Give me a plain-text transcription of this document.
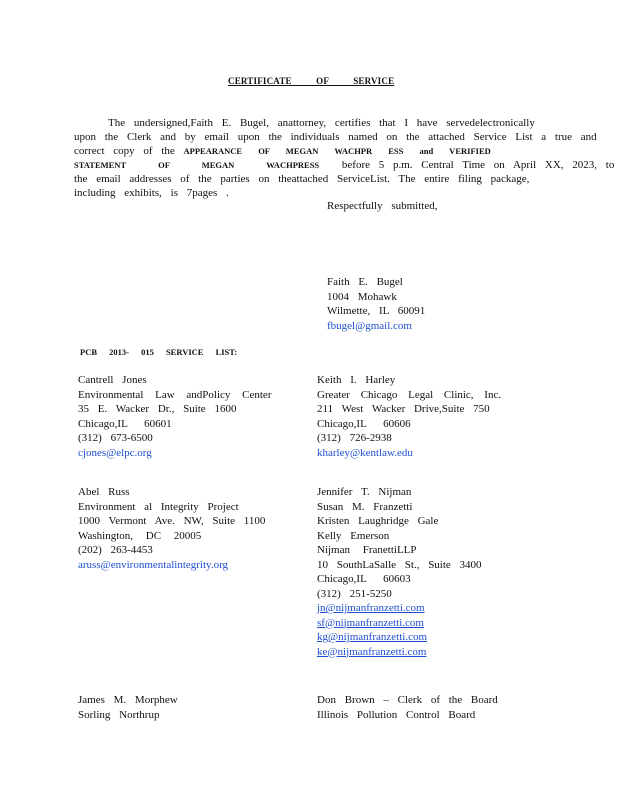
CERTIFICATE OF SERVICE
The undersigned,Faith E. Bugel, anattorney, certifies that I have servedelectronically
upon the Clerk and by email upon the individuals named on the attached Service List a true and
correct copy of the APPEARANCE OF MEGAN WACHPR ESS and VERIFIED
STATEMENT OF MEGAN WACHPRESS before 5 p.m. Central Time on April XX, 2023, to
the email addresses of the parties on theattached ServiceList. The entire filing package,
including exhibits, is 7pages .
Respectfully submitted,
Faith E. Bugel
1004 Mohawk
Wilmette, IL 60091
fbugel@gmail.com
PCB 2013- 015 SERVICE LIST:
Cantrell Jones
Environmental Law andPolicy Center
35 E. Wacker Dr., Suite 1600
Chicago,IL 60601
(312) 673-6500
cjones@elpc.org
Abel Russ
Environment al Integrity Project
1000 Vermont Ave. NW, Suite 1100
Washington, DC 20005
(202) 263-4453
aruss@environmentalintegrity.org
James M. Morphew
Sorling Northrup
Keith I. Harley
Greater Chicago Legal Clinic, Inc.
211 West Wacker Drive,Suite 750
Chicago,IL 60606
(312) 726-2938
kharley@kentlaw.edu
Jennifer T. Nijman
Susan M. Franzetti
Kristen Laughridge Gale
Kelly Emerson
Nijman FranettiLLP
10 SouthLaSalle St., Suite 3400
Chicago,IL 60603
(312) 251-5250
jn@nijmanfranzetti.com
sf@nijmanfranzetti.com
kg@nijmanfranzetti.com
ke@nijmanfranzetti.com
Don Brown – Clerk of the Board
Illinois Pollution Control Board
